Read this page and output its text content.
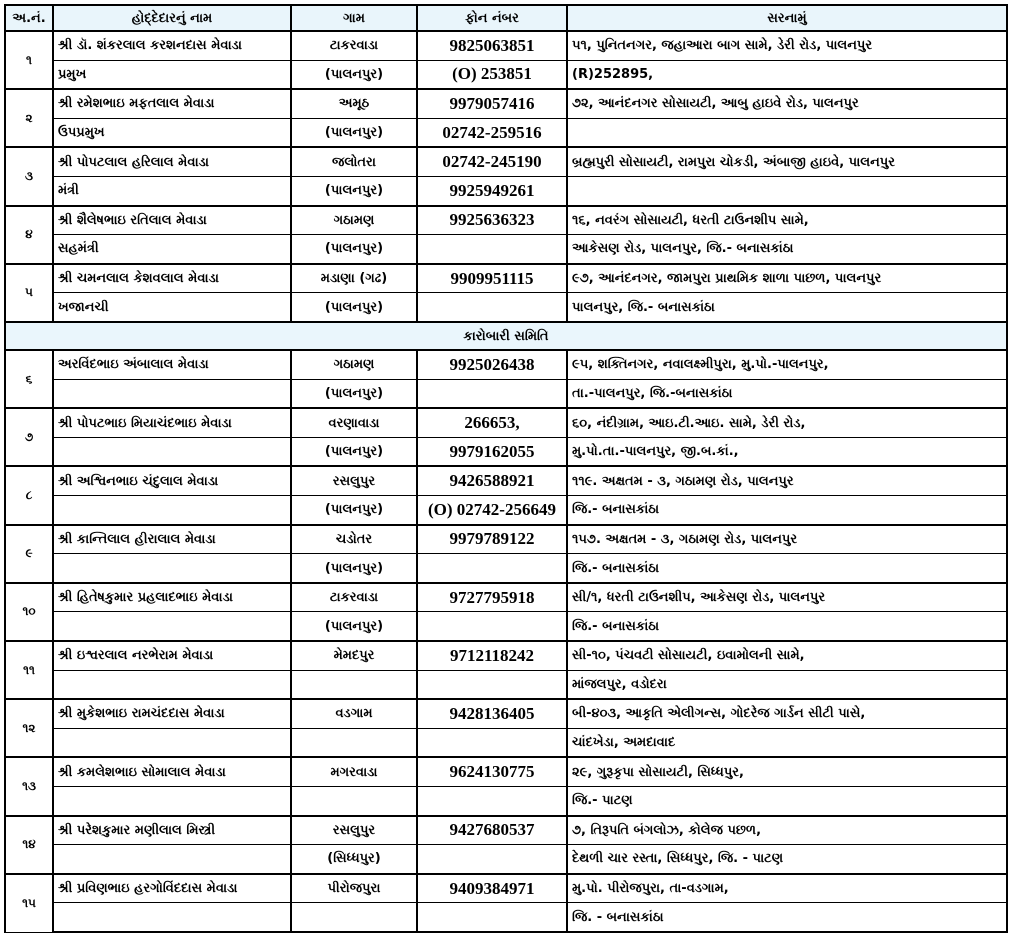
અ.નં.	હોદ્દેદારનું નામ	ગામ	ફોન નંબર	સરનામું
૧	શ્રી ડૉ. શંકરલાલ કરશનદાસ મેવાડા	ટાકરવાડા	9825063851	૫૧, પુનિતનગર, જહાઆરા બાગ સામે, ડેરી રોડ, પાલનપુર
	પ્રમુખ	(પાલનપુર)	(O) 253851	(R)252895,
૨	શ્રી રમેશભાઇ મફતલાલ મેવાડા	અમૂઠ	9979057416	૭૨, આનંદનગર સોસાયટી, આબુ હાઇવે રોડ, પાલનપુર
	ઉપપ્રમુખ	(પાલનપુર)	02742-259516	
૩	શ્રી પોપટલાલ હરિલાલ મેવાડા	જલોતરા	02742-245190	બ્રહ્મપુરી સોસાયટી, રામપુરા ચોકડી, અંબાજી હાઇવે, પાલનપુર
	મંત્રી	(પાલનપુર)	9925949261	
૪	શ્રી શૈલેષભાઇ રતિલાલ મેવાડા	ગઠામણ	9925636323	૧૬, નવરંગ સોસાયટી, ધરતી ટાઉનશીપ સામે,
	સહમંત્રી	(પાલનપુર)		આકેસણ રોડ, પાલનપુર, જિ.- બનાસકાંઠા
૫	શ્રી ચમનલાલ કેશવલાલ મેવાડા	મડાણા (ગઢ)	9909951115	૯૭, આનંદનગર, જામપુરા પ્રાથમિક શાળા પાછળ, પાલનપુર
	ખજાનચી	(પાલનપુર)		પાલનપુર, જિ.- બનાસકાંઠા
કારોબારી સમિતિ				
૬	અરવિંદભાઇ અંબાલાલ મેવાડા	ગઠામણ	9925026438	૯૫, શક્તિનગર, નવાલક્ષ્મીપુરા, મુ.પો.-પાલનપુર,
		(પાલનપુર)		તા.-પાલનપુર, જિ.-બનાસકાંઠા
૭	શ્રી પોપટભાઇ મિયાચંદભાઇ મેવાડા	વરણાવાડા	266653,	૬૦, નંદીગ્રામ, આઇ.ટી.આઇ. સામે, ડેરી રોડ,
		(પાલનપુર)	9979162055	મુ.પો.તા.-પાલનપુર, જી.બ.કાં.,
૮	શ્રી અશ્વિનભાઇ ચંદુલાલ મેવાડા	રસલુપુર	9426588921	૧૧૯. અક્ષતમ - ૩, ગઠામણ રોડ, પાલનપુર
		(પાલનપુર)	(O) 02742-256649	જિ.- બનાસકાંઠા
૯	શ્રી કાન્તિલાલ હીરાલાલ મેવાડા	ચડોતર	9979789122	૧૫૭. અક્ષતમ - ૩, ગઠામણ રોડ, પાલનપુર
		(પાલનપુર)		જિ.- બનાસકાંઠા
૧૦	શ્રી હિતેષકુમાર પ્રહલાદભાઇ મેવાડા	ટાકરવાડા	9727795918	સી/૧, ધરતી ટાઉનશીપ, આકેસણ રોડ, પાલનપુર
		(પાલનપુર)		જિ.- બનાસકાંઠા
૧૧	શ્રી ઇશ્વરલાલ નરભેરામ મેવાડા	મેમદપુર	9712118242	સી-૧૦, પંચવટી સોસાયટી, ઇવામોલની સામે,
				માંજલપુર, વડોદરા
૧૨	શ્રી મુકેશભાઇ રામચંદદાસ મેવાડા	વડગામ	9428136405	બી-૪૦૩, આકૃતિ એલીગન્સ, ગોદરેજ ગાર્ડન સીટી પાસે,
				ચાંદખેડા, અમદાવાદ
૧૩	શ્રી કમલેશભાઇ સોમાલાલ મેવાડા	મગરવાડા	9624130775	૨૯, ગુરૂકૃપા સોસાયટી, સિધ્ધપુર,
				જિ.- પાટણ
૧૪	શ્રી પરેશકુમાર મણીલાલ મિસ્ત્રી	રસલુપુર	9427680537	૭, તિરૂપતિ બંગલોઝ, કોલેજ પછળ,
		(સિધ્ધપુર)		દેથળી ચાર રસ્તા, સિધ્ધપુર, જિ. - પાટણ
૧૫	શ્રી પ્રવિણભાઇ હરગોવિંદદાસ મેવાડા	પીરોજપુરા	9409384971	મુ.પો. પીરોજપુરા, તા-વડગામ,
				જિ. - બનાસકાંઠા
